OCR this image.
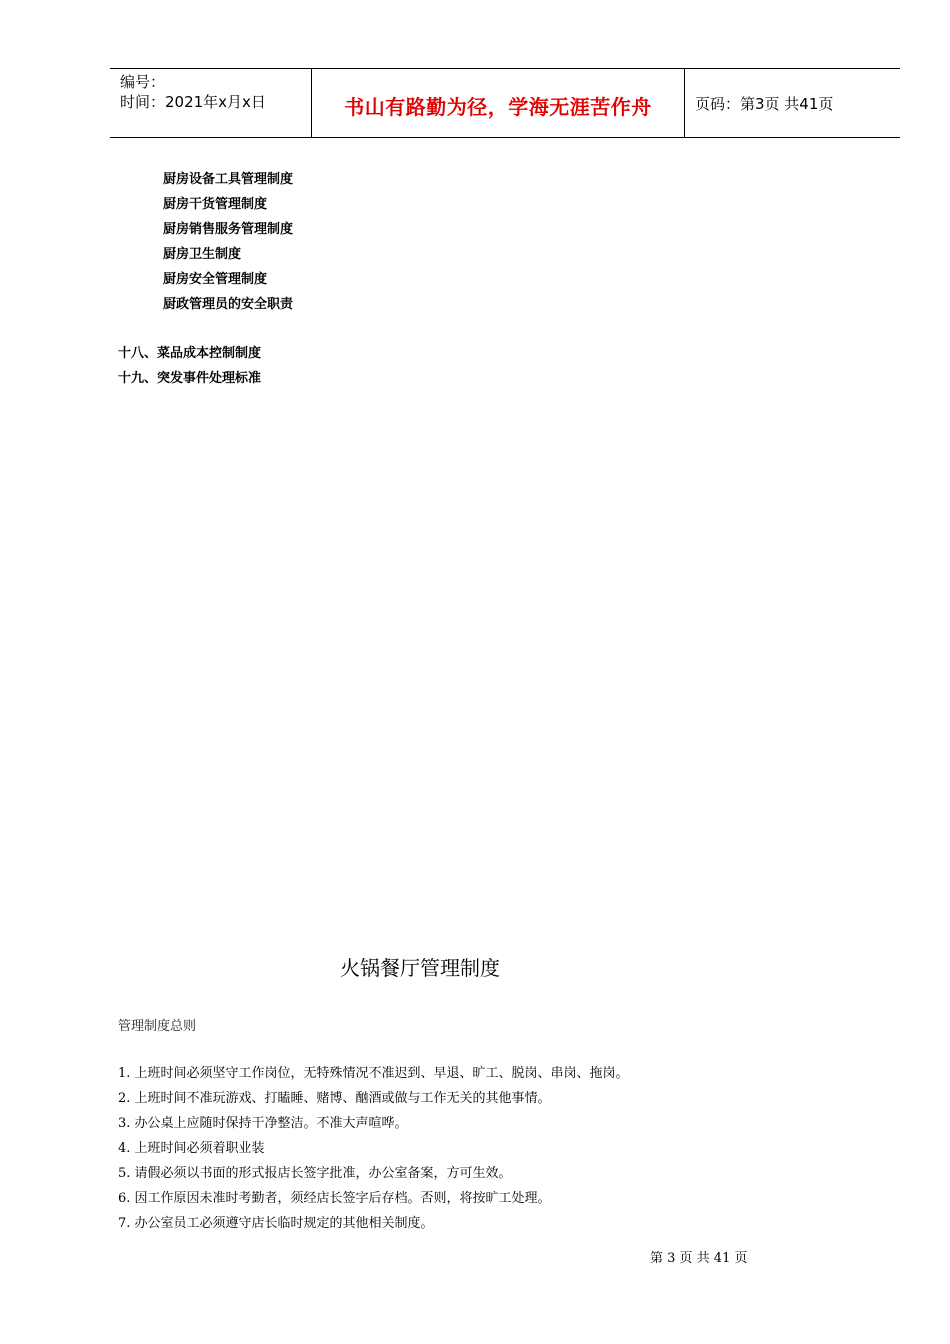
编号：
时间：2021年x月x日	书山有路勤为径，学海无涯苦作舟	页码：第3页 共41页
厨房设备工具管理制度
厨房干货管理制度
厨房销售服务管理制度
厨房卫生制度
厨房安全管理制度
厨政管理员的安全职责
十八、菜品成本控制制度
十九、突发事件处理标准
火锅餐厅管理制度
管理制度总则
1. 上班时间必须坚守工作岗位，无特殊情况不准迟到、早退、旷工、脱岗、串岗、拖岗。
2. 上班时间不准玩游戏、打瞌睡、赌博、酗酒或做与工作无关的其他事情。
3. 办公桌上应随时保持干净整洁。不准大声喧哗。
4. 上班时间必须着职业装
5. 请假必须以书面的形式报店长签字批准，办公室备案，方可生效。
6. 因工作原因未准时考勤者，须经店长签字后存档。否则，将按旷工处理。
7. 办公室员工必须遵守店长临时规定的其他相关制度。
第 3 页 共 41 页
